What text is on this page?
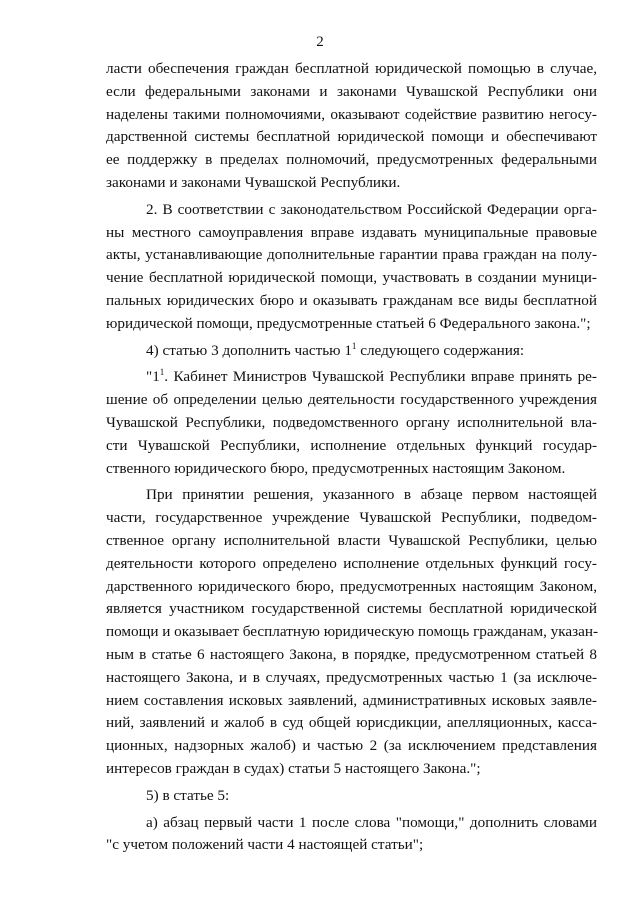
2
ласти обеспечения граждан бесплатной юридической помощью в случае,
если федеральными законами и законами Чувашской Республики они
наделены такими полномочиями, оказывают содействие развитию негосу-
дарственной системы бесплатной юридической помощи и обеспечивают
ее поддержку в пределах полномочий, предусмотренных федеральными
законами и законами Чувашской Республики.
2. В соответствии с законодательством Российской Федерации орга-
ны местного самоуправления вправе издавать муниципальные правовые
акты, устанавливающие дополнительные гарантии права граждан на полу-
чение бесплатной юридической помощи, участвовать в создании муници-
пальных юридических бюро и оказывать гражданам все виды бесплатной
юридической помощи, предусмотренные статьей 6 Федерального закона.";
4) статью 3 дополнить частью $1^1$ следующего содержания:
"$1^1$. Кабинет Министров Чувашской Республики вправе принять ре-
шение об определении целью деятельности государственного учреждения
Чувашской Республики, подведомственного органу исполнительной вла-
сти Чувашской Республики, исполнение отдельных функций государ-
ственного юридического бюро, предусмотренных настоящим Законом.
При принятии решения, указанного в абзаце первом настоящей
части, государственное учреждение Чувашской Республики, подведом-
ственное органу исполнительной власти Чувашской Республики, целью
деятельности которого определено исполнение отдельных функций госу-
дарственного юридического бюро, предусмотренных настоящим Законом,
является участником государственной системы бесплатной юридической
помощи и оказывает бесплатную юридическую помощь гражданам, указан-
ным в статье 6 настоящего Закона, в порядке, предусмотренном статьей 8
настоящего Закона, и в случаях, предусмотренных частью 1 (за исключе-
нием составления исковых заявлений, административных исковых заявле-
ний, заявлений и жалоб в суд общей юрисдикции, апелляционных, касса-
ционных, надзорных жалоб) и частью 2 (за исключением представления
интересов граждан в судах) статьи 5 настоящего Закона.";
5) в статье 5:
а) абзац первый части 1 после слова "помощи," дополнить словами
"с учетом положений части 4 настоящей статьи";
